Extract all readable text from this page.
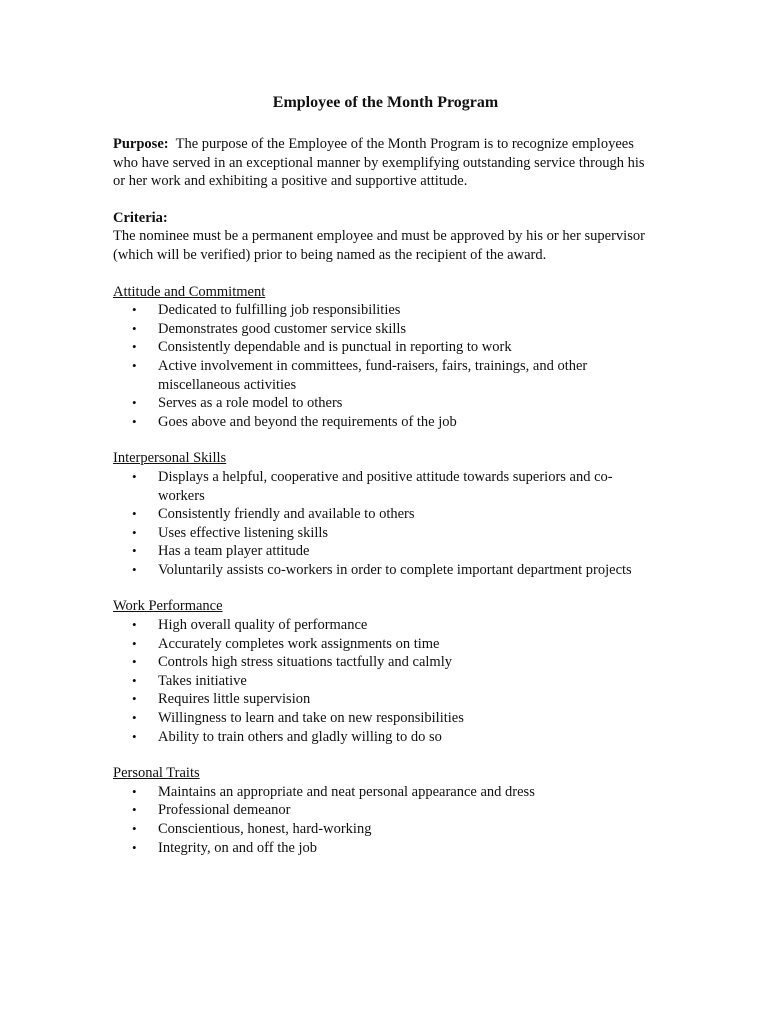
Employee of the Month Program

Purpose: The purpose of the Employee of the Month Program is to recognize employees who have served in an exceptional manner by exemplifying outstanding service through his or her work and exhibiting a positive and supportive attitude.

Criteria:
The nominee must be a permanent employee and must be approved by his or her supervisor (which will be verified) prior to being named as the recipient of the award.
Attitude and Commitment
• Dedicated to fulfilling job responsibilities
• Demonstrates good customer service skills
• Consistently dependable and is punctual in reporting to work
• Active involvement in committees, fund-raisers, fairs, trainings, and other miscellaneous activities
• Serves as a role model to others
• Goes above and beyond the requirements of the job
Interpersonal Skills
• Displays a helpful, cooperative and positive attitude towards superiors and co-workers
• Consistently friendly and available to others
• Uses effective listening skills
• Has a team player attitude
• Voluntarily assists co-workers in order to complete important department projects
Work Performance
• High overall quality of performance
• Accurately completes work assignments on time
• Controls high stress situations tactfully and calmly
• Takes initiative
• Requires little supervision
• Willingness to learn and take on new responsibilities
• Ability to train others and gladly willing to do so
Personal Traits
• Maintains an appropriate and neat personal appearance and dress
• Professional demeanor
• Conscientious, honest, hard-working
• Integrity, on and off the job
